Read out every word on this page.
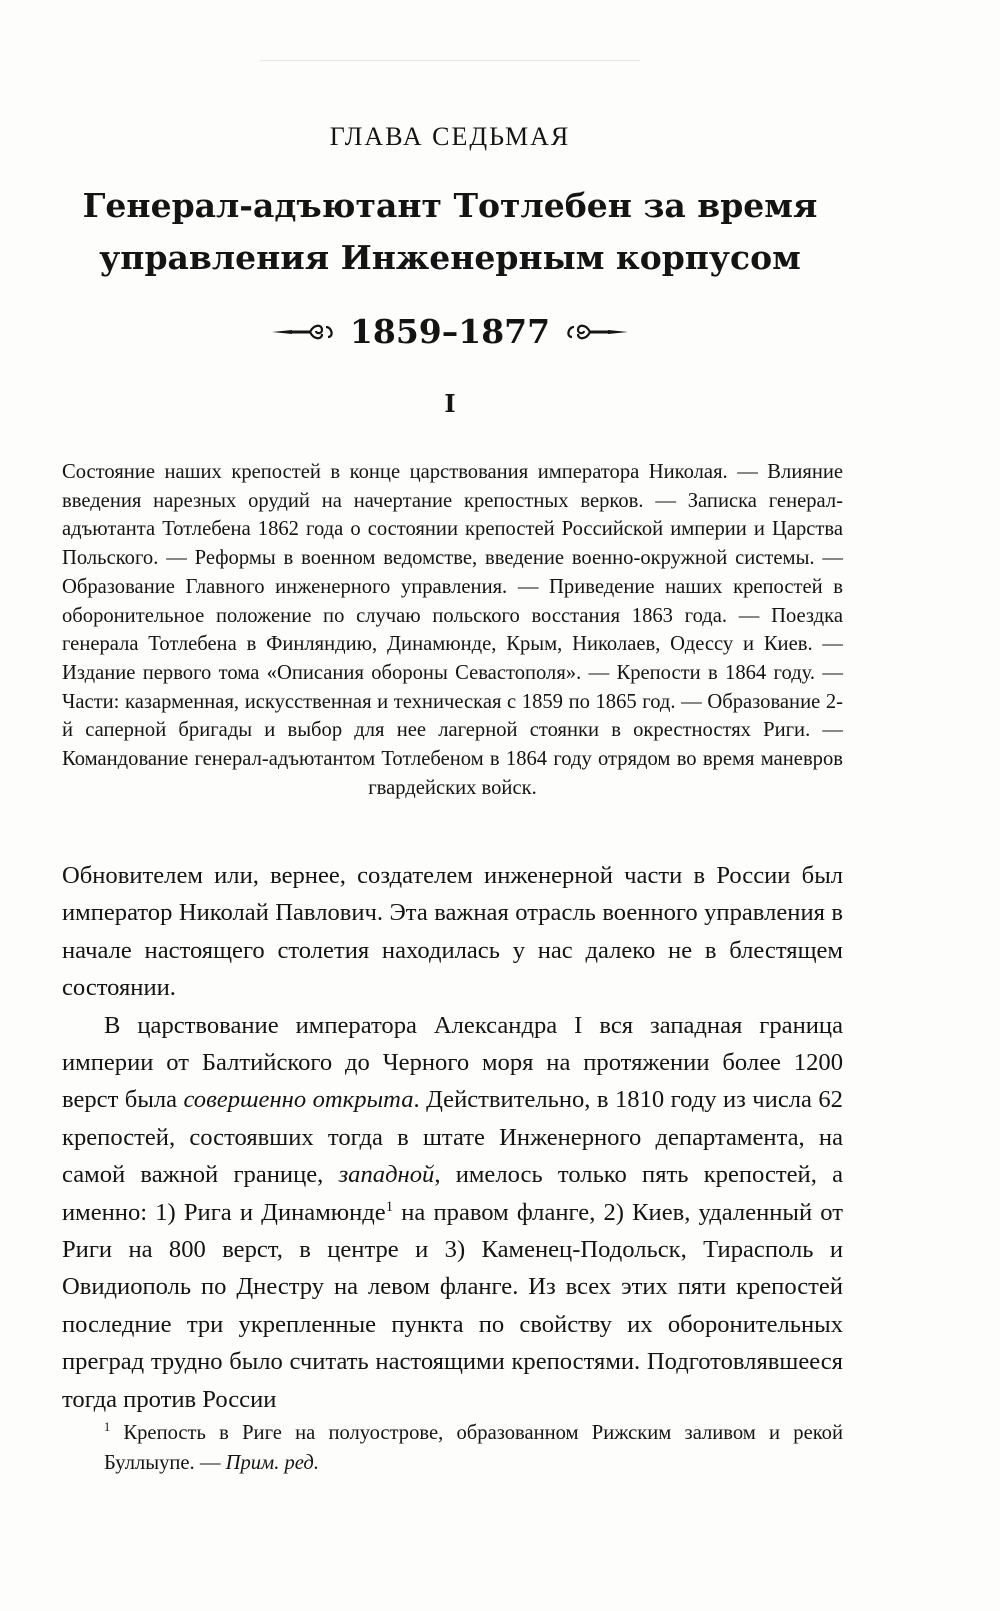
ГЛАВА СЕДЬМАЯ
Генерал-адъютант Тотлебен за время
управления Инженерным корпусом
1859–1877
I
Состояние наших крепостей в конце царствования императора Николая. — Влияние введения нарезных орудий на начертание крепостных верков. — Записка генерал-адъютанта Тотлебена 1862 года о состоянии крепостей Российской империи и Царства Польского. — Реформы в военном ведомстве, введение военно-окружной системы. — Образование Главного инженерного управления. — Приведение наших крепостей в оборонительное положение по случаю польского восстания 1863 года. — Поездка генерала Тотлебена в Финляндию, Динамюнде, Крым, Николаев, Одессу и Киев. — Издание первого тома «Описания обороны Севастополя». — Крепости в 1864 году. — Части: казарменная, искусственная и техническая с 1859 по 1865 год. — Образование 2-й саперной бригады и выбор для нее лагерной стоянки в окрестностях Риги. — Командование генерал-адъютантом Тотлебеном в 1864 году отрядом во время маневров гвардейских войск.

Обновителем или, вернее, создателем инженерной части в России был император Николай Павлович. Эта важная отрасль военного управления в начале настоящего столетия находилась у нас далеко не в блестящем состоянии.

В царствование императора Александра I вся западная граница империи от Балтийского до Черного моря на протяжении более 1200 верст была совершенно открыта. Действительно, в 1810 году из числа 62 крепостей, состоявших тогда в штате Инженерного департамента, на самой важной границе, западной, имелось только пять крепостей, а именно: 1) Рига и Динамюнде$^1$ на правом фланге, 2) Киев, удаленный от Риги на 800 верст, в центре и 3) Каменец-Подольск, Тирасполь и Овидиополь по Днестру на левом фланге. Из всех этих пяти крепостей последние три укрепленные пункта по свойству их оборонительных преград трудно было считать настоящими крепостями. Подготовлявшееся тогда против России

$^1$ Крепость в Риге на полуострове, образованном Рижским заливом и рекой Буллыупе. — Прим. ред.
